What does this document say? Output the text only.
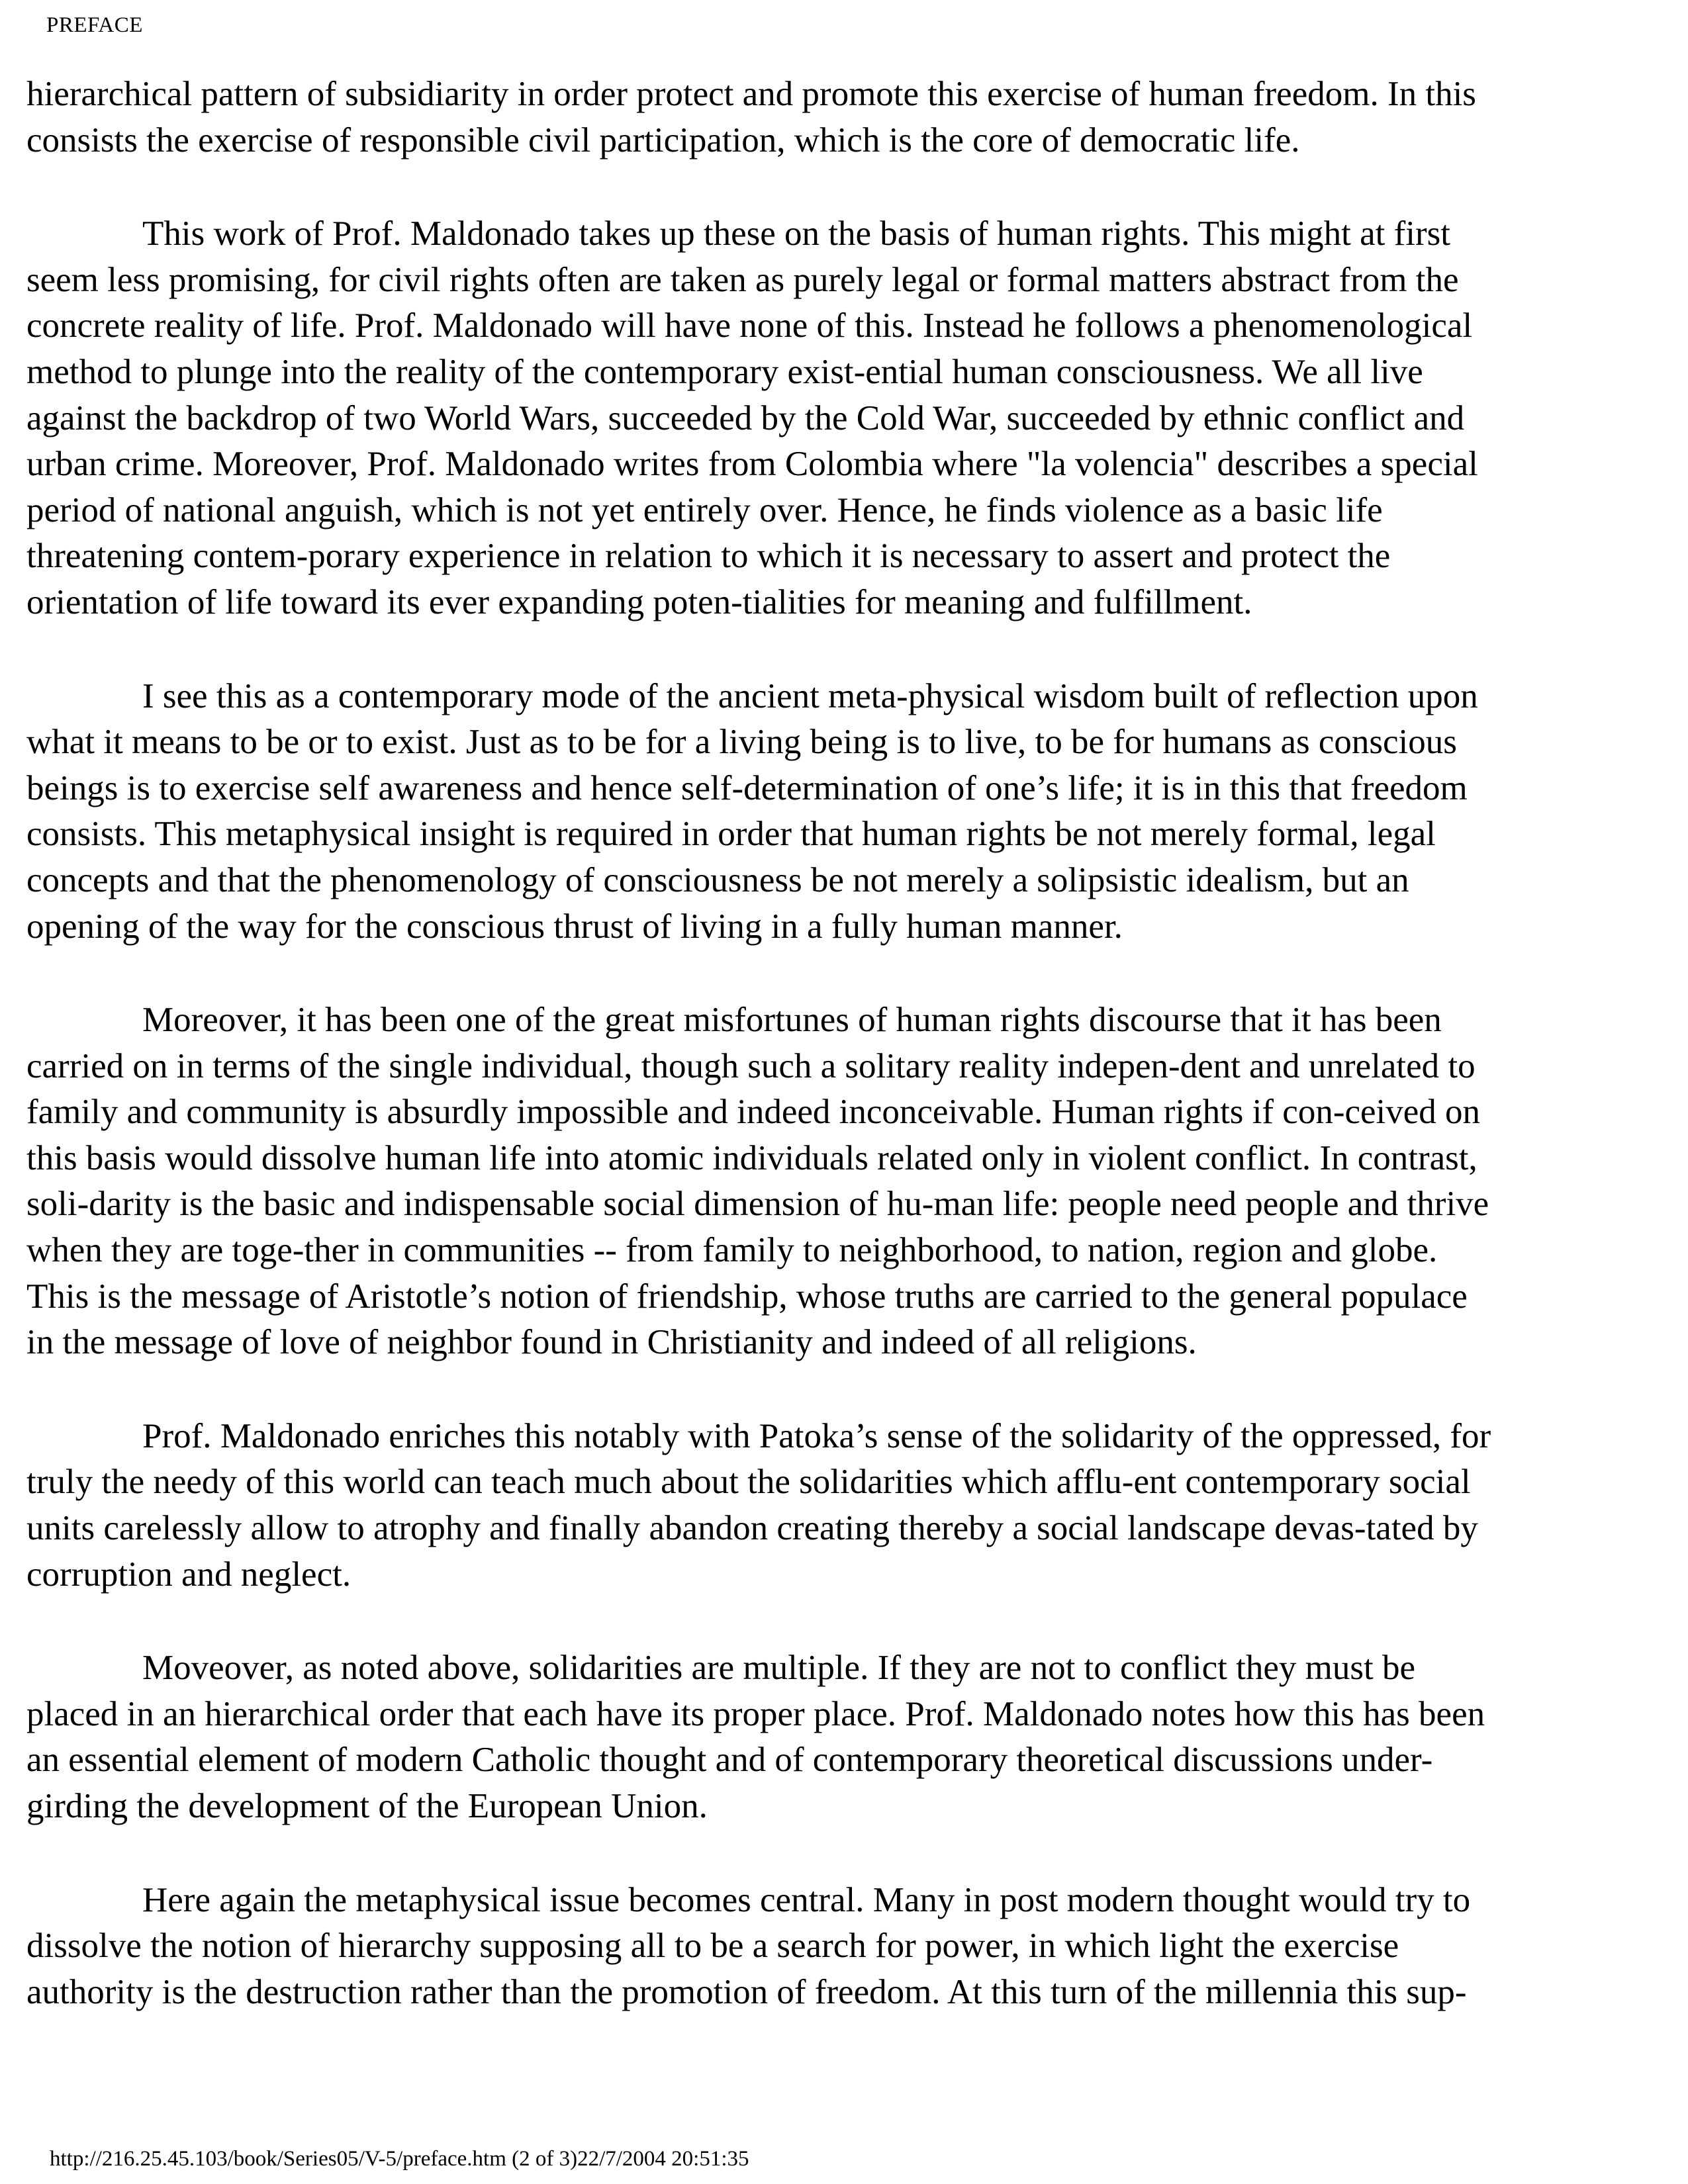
PREFACE
hierarchical pattern of subsidiarity in order protect and promote this exercise of human freedom. In this
consists the exercise of responsible civil participation, which is the core of democratic life.
This work of Prof. Maldonado takes up these on the basis of human rights. This might at first
seem less promising, for civil rights often are taken as purely legal or formal matters abstract from the
concrete reality of life. Prof. Maldonado will have none of this. Instead he follows a phenomenological
method to plunge into the reality of the contemporary exist-ential human consciousness. We all live
against the backdrop of two World Wars, succeeded by the Cold War, succeeded by ethnic conflict and
urban crime. Moreover, Prof. Maldonado writes from Colombia where "la volencia" describes a special
period of national anguish, which is not yet entirely over. Hence, he finds violence as a basic life
threatening contem-porary experience in relation to which it is necessary to assert and protect the
orientation of life toward its ever expanding poten-tialities for meaning and fulfillment.
I see this as a contemporary mode of the ancient meta-physical wisdom built of reflection upon
what it means to be or to exist. Just as to be for a living being is to live, to be for humans as conscious
beings is to exercise self awareness and hence self-determination of one’s life; it is in this that freedom
consists. This metaphysical insight is required in order that human rights be not merely formal, legal
concepts and that the phenomenology of consciousness be not merely a solipsistic idealism, but an
opening of the way for the conscious thrust of living in a fully human manner.
Moreover, it has been one of the great misfortunes of human rights discourse that it has been
carried on in terms of the single individual, though such a solitary reality indepen-dent and unrelated to
family and community is absurdly impossible and indeed inconceivable. Human rights if con-ceived on
this basis would dissolve human life into atomic individuals related only in violent conflict. In contrast,
soli-darity is the basic and indispensable social dimension of hu-man life: people need people and thrive
when they are toge-ther in communities -- from family to neighborhood, to nation, region and globe.
This is the message of Aristotle’s notion of friendship, whose truths are carried to the general populace
in the message of love of neighbor found in Christianity and indeed of all religions.
Prof. Maldonado enriches this notably with Patoka’s sense of the solidarity of the oppressed, for
truly the needy of this world can teach much about the solidarities which afflu-ent contemporary social
units carelessly allow to atrophy and finally abandon creating thereby a social landscape devas-tated by
corruption and neglect.
Moveover, as noted above, solidarities are multiple. If they are not to conflict they must be
placed in an hierarchical order that each have its proper place. Prof. Maldonado notes how this has been
an essential element of modern Catholic thought and of contemporary theoretical discussions under-
girding the development of the European Union.
Here again the metaphysical issue becomes central. Many in post modern thought would try to
dissolve the notion of hierarchy supposing all to be a search for power, in which light the exercise
authority is the destruction rather than the promotion of freedom. At this turn of the millennia this sup-
http://216.25.45.103/book/Series05/V-5/preface.htm (2 of 3)22/7/2004 20:51:35
